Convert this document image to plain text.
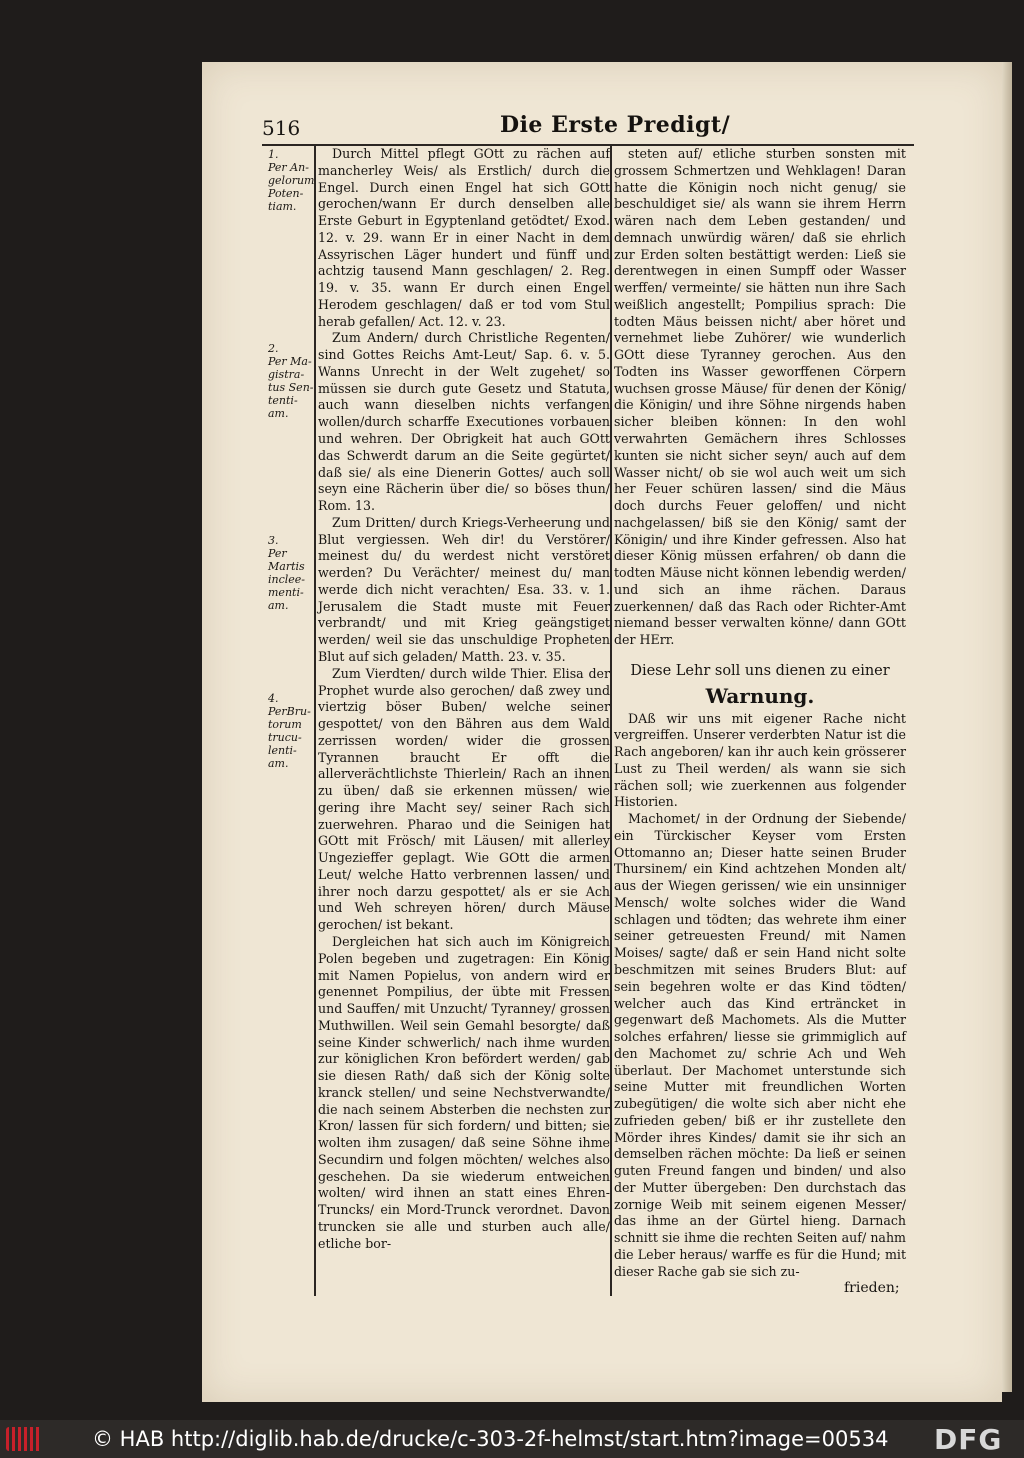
516	Die Erste Predigt/
1.
Per An-
gelorum
Poten-
tiam.
2.
Per Ma-
gistra-
tus Sen-
tenti-
am.
3.
Per
Martis
inclee-
menti-
am.
4.
PerBru-
torum
trucu-
lenti-
am.

Durch Mittel pflegt GOtt zu rächen auf mancherley Weis/ als Erstlich/ durch die Engel. Durch einen Engel hat sich GOtt gerochen/wann Er durch denselben alle Erste Geburt in Egyptenland getödtet/ Exod. 12. v. 29. wann Er in einer Nacht in dem Assyrischen Läger hundert und fünff und achtzig tausend Mann geschlagen/ 2. Reg. 19. v. 35. wann Er durch einen Engel Herodem geschlagen/ daß er tod vom Stul herab gefallen/ Act. 12. v. 23.

Zum Andern/ durch Christliche Regenten/ sind Gottes Reichs Amt-Leut/ Sap. 6. v. 5. Wanns Unrecht in der Welt zugehet/ so müssen sie durch gute Gesetz und Statuta, auch wann dieselben nichts verfangen wollen/durch scharffe Executiones vorbauen und wehren. Der Obrigkeit hat auch GOtt das Schwerdt darum an die Seite gegürtet/ daß sie/ als eine Dienerin Gottes/ auch soll seyn eine Rächerin über die/ so böses thun/ Rom. 13.

Zum Dritten/ durch Kriegs-Verheerung und Blut vergiessen. Weh dir! du Verstörer/ meinest du/ du werdest nicht verstöret werden? Du Verächter/ meinest du/ man werde dich nicht verachten/ Esa. 33. v. 1. Jerusalem die Stadt muste mit Feuer verbrandt/ und mit Krieg geängstiget werden/ weil sie das unschuldige Propheten Blut auf sich geladen/ Matth. 23. v. 35.

Zum Vierdten/ durch wilde Thier. Elisa der Prophet wurde also gerochen/ daß zwey und viertzig böser Buben/ welche seiner gespottet/ von den Bähren aus dem Wald zerrissen worden/ wider die grossen Tyrannen braucht Er offt die allerverächtlichste Thierlein/ Rach an ihnen zu üben/ daß sie erkennen müssen/ wie gering ihre Macht sey/ seiner Rach sich zuerwehren. Pharao und die Seinigen hat GOtt mit Frösch/ mit Läusen/ mit allerley Ungezieffer geplagt. Wie GOtt die armen Leut/ welche Hatto verbrennen lassen/ und ihrer noch darzu gespottet/ als er sie Ach und Weh schreyen hören/ durch Mäuse gerochen/ ist bekant.

Dergleichen hat sich auch im Königreich Polen begeben und zugetragen: Ein König mit Namen Popielus, von andern wird er genennet Pompilius, der übte mit Fressen und Sauffen/ mit Unzucht/ Tyranney/ grossen Muthwillen. Weil sein Gemahl besorgte/ daß seine Kinder schwerlich/ nach ihme wurden zur königlichen Kron befördert werden/ gab sie diesen Rath/ daß sich der König solte kranck stellen/ und seine Nechstverwandte/ die nach seinem Absterben die nechsten zur Kron/ lassen für sich fordern/ und bitten; sie wolten ihm zusagen/ daß seine Söhne ihme Secundirn und folgen möchten/ welches also geschehen. Da sie wiederum entweichen wolten/ wird ihnen an statt eines Ehren-Truncks/ ein Mord-Trunck verordnet. Davon truncken sie alle und sturben auch alle/ etliche bor-

steten auf/ etliche sturben sonsten mit grossem Schmertzen und Wehklagen! Daran hatte die Königin noch nicht genug/ sie beschuldiget sie/ als wann sie ihrem Herrn wären nach dem Leben gestanden/ und demnach unwürdig wären/ daß sie ehrlich zur Erden solten bestättigt werden: Ließ sie derentwegen in einen Sumpff oder Wasser werffen/ vermeinte/ sie hätten nun ihre Sach weißlich angestellt; Pompilius sprach: Die todten Mäus beissen nicht/ aber höret und vernehmet liebe Zuhörer/ wie wunderlich GOtt diese Tyranney gerochen. Aus den Todten ins Wasser geworffenen Cörpern wuchsen grosse Mäuse/ für denen der König/ die Königin/ und ihre Söhne nirgends haben sicher bleiben können: In den wohl verwahrten Gemächern ihres Schlosses kunten sie nicht sicher seyn/ auch auf dem Wasser nicht/ ob sie wol auch weit um sich her Feuer schüren lassen/ sind die Mäus doch durchs Feuer geloffen/ und nicht nachgelassen/ biß sie den König/ samt der Königin/ und ihre Kinder gefressen. Also hat dieser König müssen erfahren/ ob dann die todten Mäuse nicht können lebendig werden/ und sich an ihme rächen. Daraus zuerkennen/ daß das Rach oder Richter-Amt niemand besser verwalten könne/ dann GOtt der HErr.

Diese Lehr soll uns dienen zu einer

Warnung.

DAß wir uns mit eigener Rache nicht vergreiffen. Unserer verderbten Natur ist die Rach angeboren/ kan ihr auch kein grösserer Lust zu Theil werden/ als wann sie sich rächen soll; wie zuerkennen aus folgender Historien.

Machomet/ in der Ordnung der Siebende/ ein Türckischer Keyser vom Ersten Ottomanno an; Dieser hatte seinen Bruder Thursinem/ ein Kind achtzehen Monden alt/ aus der Wiegen gerissen/ wie ein unsinniger Mensch/ wolte solches wider die Wand schlagen und tödten; das wehrete ihm einer seiner getreuesten Freund/ mit Namen Moises/ sagte/ daß er sein Hand nicht solte beschmitzen mit seines Bruders Blut: auf sein begehren wolte er das Kind tödten/ welcher auch das Kind erträncket in gegenwart deß Machomets. Als die Mutter solches erfahren/ liesse sie grimmiglich auf den Machomet zu/ schrie Ach und Weh überlaut. Der Machomet unterstunde sich seine Mutter mit freundlichen Worten zubegütigen/ die wolte sich aber nicht ehe zufrieden geben/ biß er ihr zustellete den Mörder ihres Kindes/ damit sie ihr sich an demselben rächen möchte: Da ließ er seinen guten Freund fangen und binden/ und also der Mutter übergeben: Den durchstach das zornige Weib mit seinem eigenen Messer/ das ihme an der Gürtel hieng. Darnach schnitt sie ihme die rechten Seiten auf/ nahm die Leber heraus/ warffe es für die Hund; mit dieser Rache gab sie sich zu-

frieden;
© HAB http://diglib.hab.de/drucke/c-303-2f-helmst/start.htm?image=00534 DFG
